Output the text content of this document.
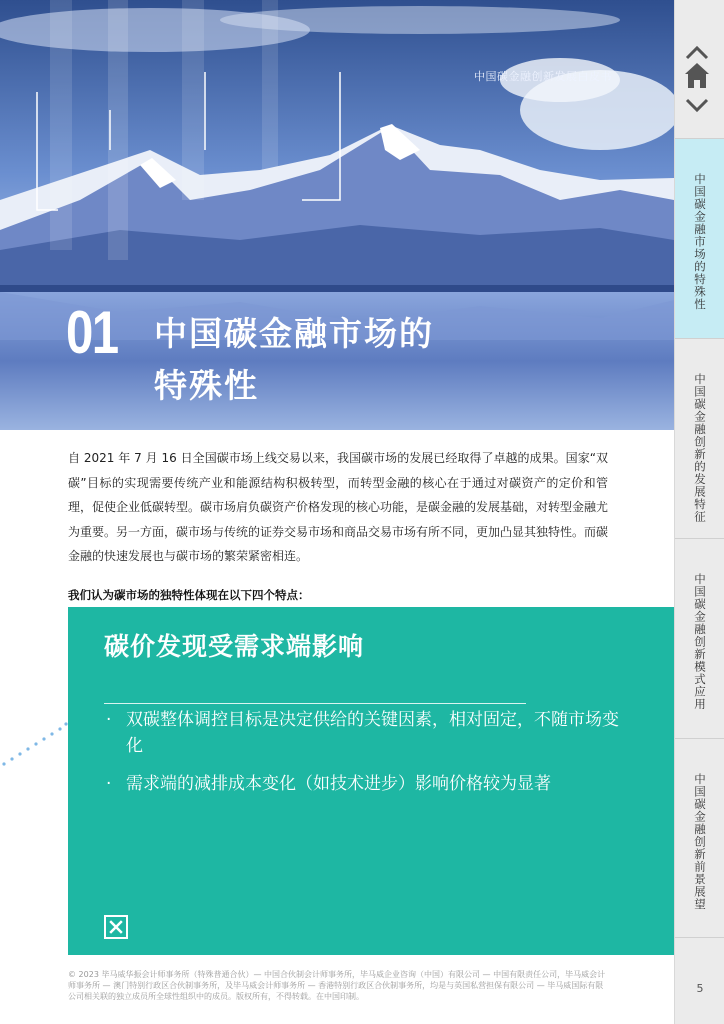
中国碳金融创新发展白皮书
01 中国碳金融市场的
特殊性

自 2021 年 7 月 16 日全国碳市场上线交易以来，我国碳市场的发展已经取得了卓越的成果。国家“双碳”目标的实现需要传统产业和能源结构积极转型，而转型金融的核心在于通过对碳资产的定价和管理，促使企业低碳转型。碳市场肩负碳资产价格发现的核心功能，是碳金融的发展基础，对转型金融尤为重要。另一方面，碳市场与传统的证券交易市场和商品交易市场有所不同，更加凸显其独特性。而碳金融的快速发展也与碳市场的繁荣紧密相连。

我们认为碳市场的独特性体现在以下四个特点：

碳价发现受需求端影响
· 双碳整体调控目标是决定供给的关键因素，相对固定，不随市场变化
· 需求端的减排成本变化（如技术进步）影响价格较为显著
© 2023 毕马威华振会计师事务所（特殊普通合伙）— 中国合伙制会计师事务所，毕马威企业咨询（中国）有限公司 — 中国有限责任公司，毕马威会计师事务所 — 澳门特别行政区合伙制事务所，及毕马威会计师事务所 — 香港特别行政区合伙制事务所，均是与英国私营担保有限公司 — 毕马威国际有限公司相关联的独立成员所全球性组织中的成员。版权所有，不得转载。在中国印制。
中国碳金融市场的特殊性
中国碳金融创新的发展特征
中国碳金融创新模式应用
中国碳金融创新前景展望
5
